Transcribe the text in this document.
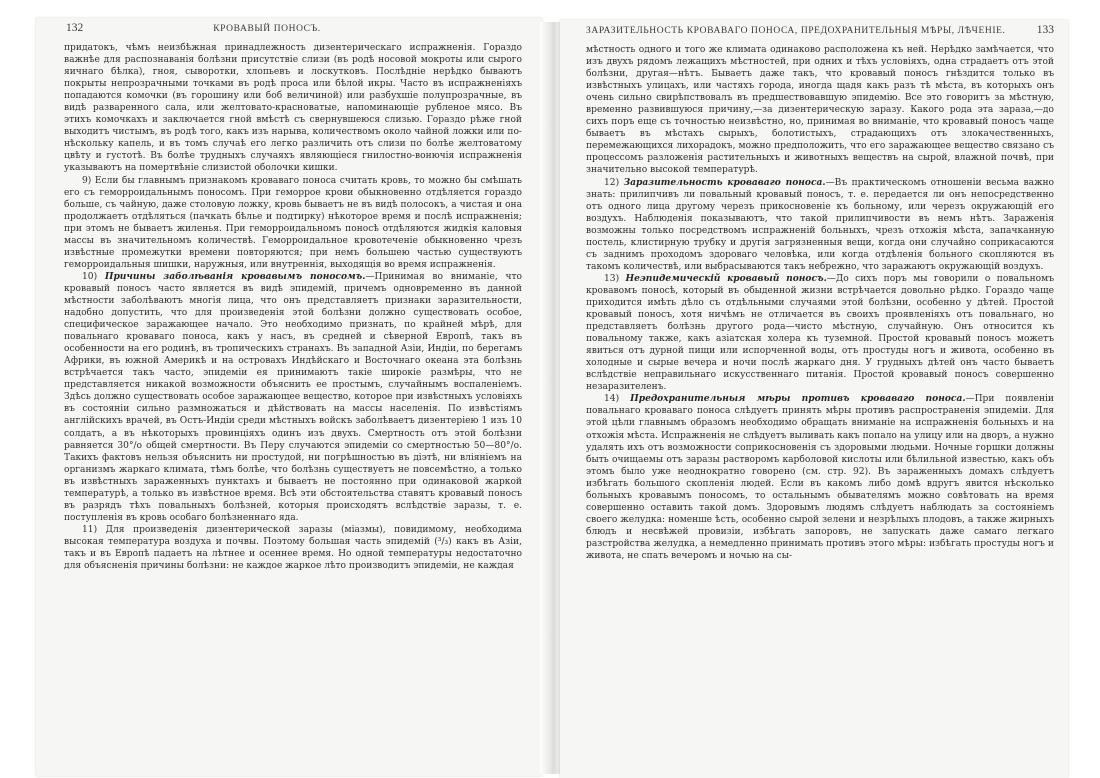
132	КРОВАВЫЙ ПОНОСЪ.

придатокъ, чѣмъ неизбѣжная принадлежность дизентерическаго испражненія. Гораздо важнѣе для распознаванія болѣзни присутствіе слизи (въ родѣ носовой мокроты или сырого яичнаго бѣлка), гноя, сыворотки, хлопьевъ и лоскутковъ. Послѣдніе нерѣдко бываютъ покрыты непрозрачными точками въ родѣ проса или бѣлой икры. Часто въ испражненіяхъ попадаются комочки (въ горошину или боб величиной) или разбухшіе полупрозрачные, въ видѣ разваренного сала, или желтовато-красноватые, напоминающіе рубленое мясо. Въ этихъ комочкахъ и заключается гной вмѣстѣ съ свернувшеюся слизью. Гораздо рѣже гной выходитъ чистымъ, въ родѣ того, какъ изъ нарыва, количествомъ около чайной ложки или по-нѣскольку капель, и въ томъ случаѣ его легко различить отъ слизи по болѣе желтоватому цвѣту и густотѣ. Въ болѣе трудныхъ случаяхъ являющіеся гнилостно-вонючія испражненія указываютъ на помертвѣніе слизистой оболочки кишки.

9) Если бы главнымъ признакомъ кроваваго поноса считать кровь, то можно бы смѣшать его съ геморроидальнымъ поносомъ. При геморрое крови обыкновенно отдѣляется гораздо больше, съ чайную, даже столовую ложку, кровь бываетъ не въ видѣ полосокъ, а чистая и она продолжаетъ отдѣляться (пачкать бѣлье и подтирку) нѣкоторое время и послѣ испражненія; при этомъ не бываетъ жиленья. При геморроидальномъ поносѣ отдѣляются жидкія каловыя массы въ значительномъ количествѣ. Геморроидальное кровотеченіе обыкновенно чрезъ извѣстные промежутки времени повторяются; при немъ большею частью существуютъ геморроидальныя шишки, наружныя, или внутреннія, выходящія во время испражненія.

10) Причины заболѣванія кровавымъ поносомъ.—Принимая во вниманіе, что кровавый поносъ часто является въ видѣ эпидемій, причемъ одновременно въ данной мѣстности заболѣваютъ многія лица, что онъ представляетъ признаки заразительности, надобно допустить, что для произведенія этой болѣзни должно существовать особое, специфическое заражающее начало. Это необходимо признать, по крайней мѣрѣ, для повальнаго кроваваго поноса, какъ у насъ, въ средней и сѣверной Европѣ, такъ въ особенности на его родинѣ, въ тропическихъ странахъ. Въ западной Азіи, Индіи, по берегамъ Африки, въ южной Америкѣ и на островахъ Индѣйскаго и Восточнаго океана эта болѣзнь встрѣчается такъ часто, эпидеміи ея принимаютъ такіе широкіе размѣры, что не представляется никакой возможности объяснить ее простымъ, случайнымъ воспаленіемъ. Здѣсь должно существовать особое заражающее вещество, которое при извѣстныхъ условіяхъ въ состояніи сильно размножаться и дѣйствовать на массы населенія. По извѣстіямъ англійскихъ врачей, въ Остъ-Индіи среди мѣстныхъ войскъ заболѣваетъ дизентеріею 1 изъ 10 солдатъ, а въ нѣкоторыхъ провинціяхъ одинъ изъ двухъ. Смертность отъ этой болѣзни равняется 30°/о общей смертности. Въ Перу случаются эпидеміи со смертностью 50—80°/о. Такихъ фактовъ нельзя объяснить ни простудой, ни погрѣшностью въ діэтѣ, ни вліяніемъ на организмъ жаркаго климата, тѣмъ болѣе, что болѣзнь существуетъ не повсемѣстно, а только въ извѣстныхъ зараженныхъ пунктахъ и бываетъ не постоянно при одинаковой жаркой температурѣ, а только въ извѣстное время. Всѣ эти обстоятельства ставятъ кровавый поносъ въ разрядъ тѣхъ повальныхъ болѣзней, которыя происходятъ вслѣдствіе заразы, т. е. поступленія въ кровь особаго болѣзненнаго яда.

11) Для произведенія дизентерической заразы (міазмы), повидимому, необходима высокая температура воздуха и почвы. Поэтому большая часть эпидемій (³/₃) какъ въ Азіи, такъ и въ Европѣ падаетъ на лѣтнее и осеннее время. Но одной температуры недостаточно для объясненія причины болѣзни: не каждое жаркое лѣто производитъ эпидеміи, не каждая

ЗАРАЗИТЕЛЬНОСТЬ КРОВАВАГО ПОНОСА, ПРЕДОХРАНИТЕЛЬНЫЯ МѢРЫ, ЛѢЧЕНІЕ.	133

мѣстность одного и того же климата одинаково расположена къ ней. Нерѣдко замѣчается, что изъ двухъ рядомъ лежащихъ мѣстностей, при одних и тѣхъ условіяхъ, одна страдаетъ отъ этой болѣзни, другая—нѣтъ. Бываетъ даже такъ, что кровавый поносъ гнѣздится только въ извѣстныхъ улицахъ, или частяхъ города, иногда щадя какъ разъ тѣ мѣста, въ которыхъ онъ очень сильно свирѣпствовалъ въ предшествовавшую эпидемію. Все это говоритъ за мѣстную, временно развившуюся причину,—за дизентерическую заразу. Какого рода эта зараза,—до сихъ поръ еще съ точностью неизвѣстно, но, принимая во вниманіе, что кровавый поносъ чаще бываетъ въ мѣстахъ сырыхъ, болотистыхъ, страдающихъ отъ злокачественныхъ, перемежающихся лихорадокъ, можно предположить, что его заражающее вещество связано съ процессомъ разложенія растительныхъ и животныхъ веществъ на сырой, влажной почвѣ, при значительно высокой температурѣ.

12) Заразительность кроваваго поноса.—Въ практическомъ отношеніи весьма важно знать: прилипчивъ ли повальный кровавый поносъ, т. е. передается ли онъ непосредственно отъ одного лица другому черезъ прикосновеніе къ больному, или черезъ окружающій его воздухъ. Наблюденія показываютъ, что такой прилипчивости въ немъ нѣтъ. Зараженія возможны только посредствомъ испражненій больныхъ, чрезъ отхожія мѣста, запачканную постель, клистирную трубку и другія загрязненныя вещи, когда они случайно соприкасаются съ заднимъ проходомъ здороваго человѣка, или когда отдѣленія больного скопляются въ такомъ количествѣ, или выбрасываются такъ небрежно, что заражаютъ окружающій воздухъ.

13) Неэпидемическій кровавый поносъ.—До сихъ поръ мы говорили о повальномъ кровавомъ поносѣ, который въ обыденной жизни встрѣчается довольно рѣдко. Гораздо чаще приходится имѣть дѣло съ отдѣльными случаями этой болѣзни, особенно у дѣтей. Простой кровавый поносъ, хотя ничѣмъ не отличается въ своихъ проявленіяхъ отъ повальнаго, но представляетъ болѣзнь другого рода—чисто мѣстную, случайную. Онъ относится къ повальному также, какъ азіатская холера къ туземной. Простой кровавый поносъ можетъ явиться отъ дурной пищи или испорченной воды, отъ простуды ногъ и живота, особенно въ холодные и сырые вечера и ночи послѣ жаркаго дня. У грудныхъ дѣтей онъ часто бываетъ вслѣдствіе неправильнаго искусственнаго питанія. Простой кровавый поносъ совершенно незаразителенъ.

14) Предохранительныя мѣры противъ кроваваго поноса.—При появленіи повальнаго кроваваго поноса слѣдуетъ принять мѣры противъ распространенія эпидеміи. Для этой цѣли главнымъ образомъ необходимо обращать вниманіе на испражненія больныхъ и на отхожія мѣста. Испражненія не слѣдуетъ выливать какъ попало на улицу или на дворъ, а нужно удалять ихъ отъ возможности соприкосновенія съ здоровыми людьми. Ночные горшки должны быть очищаемы отъ заразы растворомъ карболовой кислоты или бѣлильной известью, какъ объ этомъ было уже неоднократно говорено (см. стр. 92). Въ зараженныхъ домахъ слѣдуетъ избѣгать большого скопленія людей. Если въ какомъ либо домѣ вдругъ явится нѣсколько больныхъ кровавымъ поносомъ, то остальнымъ обывателямъ можно совѣтовать на время совершенно оставить такой домъ. Здоровымъ людямъ слѣдуетъ наблюдать за состояніемъ своего желудка: номенше ѣсть, особенно сырой зелени и незрѣлыхъ плодовъ, а также жирныхъ блюдъ и несвѣжей провизіи, избѣгать запоровъ, не запускать даже самаго легкаго разстройства желудка, а немедленно принимать противъ этого мѣры: избѣгать простуды ногъ и живота, не спать вечеромъ и ночью на сы-
